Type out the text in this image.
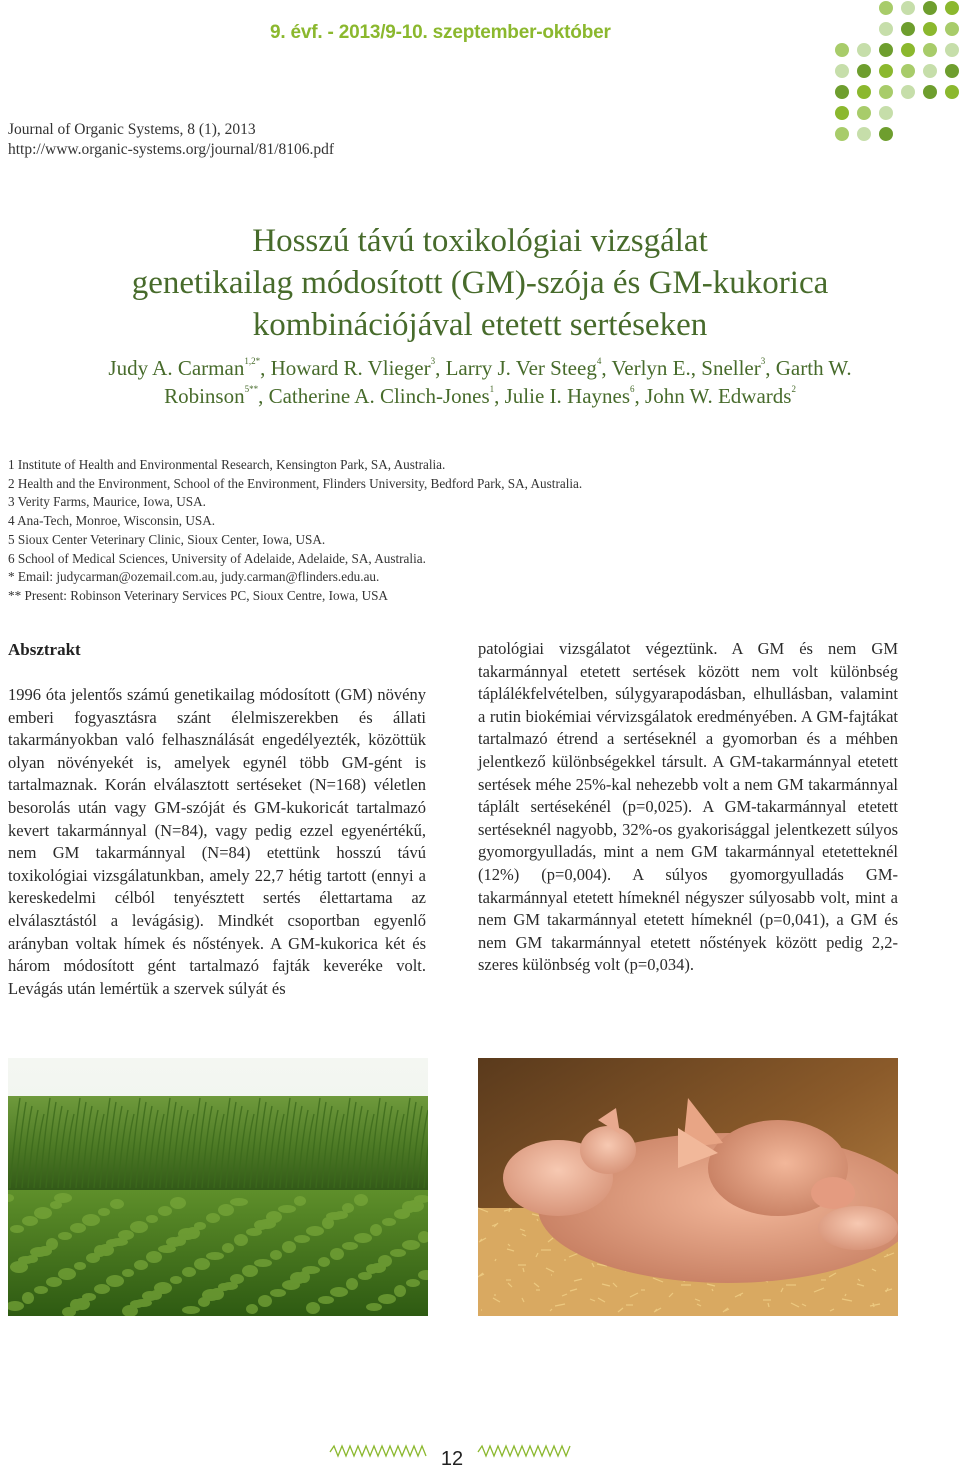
9. évf. - 2013/9-10. szeptember-október
Journal of Organic Systems, 8 (1), 2013
http://www.organic-systems.org/journal/81/8106.pdf
Hosszú távú toxikológiai vizsgálat
genetikailag módosított (GM)-szója és GM-kukorica
kombinációjával etetett sertéseken
Judy A. Carman$^{1,2*}$, Howard R. Vlieger$^3$, Larry J. Ver Steeg$^4$, Verlyn E., Sneller$^3$, Garth W.
Robinson$^{5**}$, Catherine A. Clinch-Jones$^1$, Julie I. Haynes$^6$, John W. Edwards$^2$
1 Institute of Health and Environmental Research, Kensington Park, SA, Australia.
2 Health and the Environment, School of the Environment, Flinders University, Bedford Park, SA, Australia.
3 Verity Farms, Maurice, Iowa, USA.
4 Ana-Tech, Monroe, Wisconsin, USA.
5 Sioux Center Veterinary Clinic, Sioux Center, Iowa, USA.
6 School of Medical Sciences, University of Adelaide, Adelaide, SA, Australia.
* Email: judycarman@ozemail.com.au, judy.carman@flinders.edu.au.
** Present: Robinson Veterinary Services PC, Sioux Centre, Iowa, USA
Absztrakt
1996 óta jelentős számú genetikailag módosított (GM) növény emberi fogyasztásra szánt élelmiszerekben és állati takarmányokban való felhasználását engedélyezték, közöttük olyan növényekét is, amelyek egynél több GM-gént is tartalmaznak. Korán elválasztott sertéseket (N=168) véletlen besorolás után vagy GM-szóját és GM-kukoricát tartalmazó kevert takarmánnyal (N=84), vagy pedig ezzel egyenértékű, nem GM takarmánnyal (N=84) etettünk hosszú távú toxikológiai vizsgálatunkban, amely 22,7 hétig tartott (ennyi a kereskedelmi célból tenyésztett sertés élettartama az elválasztástól a levágásig). Mindkét csoportban egyenlő arányban voltak hímek és nőstények. A GM-kukorica két és három módosított gént tartalmazó fajták keveréke volt. Levágás után lemértük a szervek súlyát és
patológiai vizsgálatot végeztünk. A GM és nem GM takarmánnyal etetett sertések között nem volt különbség táplálékfelvételben, súlygyarapodásban, elhullásban, valamint a rutin biokémiai vérvizsgálatok eredményében. A GM-fajtákat tartalmazó étrend a sertéseknél a gyomorban és a méhben jelentkező különbségekkel társult. A GM-takarmánnyal etetett sertések méhe 25%-kal nehezebb volt a nem GM takarmánnyal táplált sertésekénél (p=0,025). A GM-takarmánnyal etetett sertéseknél nagyobb, 32%-os gyakorisággal jelentkezett súlyos gyomorgyulladás, mint a nem GM takarmánnyal etetetteknél (12%) (p=0,004). A súlyos gyomorgyulladás GM-takarmánnyal etetett hímeknél négyszer súlyosabb volt, mint a nem GM takarmánnyal etetett hímeknél (p=0,041), a GM és nem GM takarmánnyal etetett nőstények között pedig 2,2-szeres különbség volt (p=0,034).
12
